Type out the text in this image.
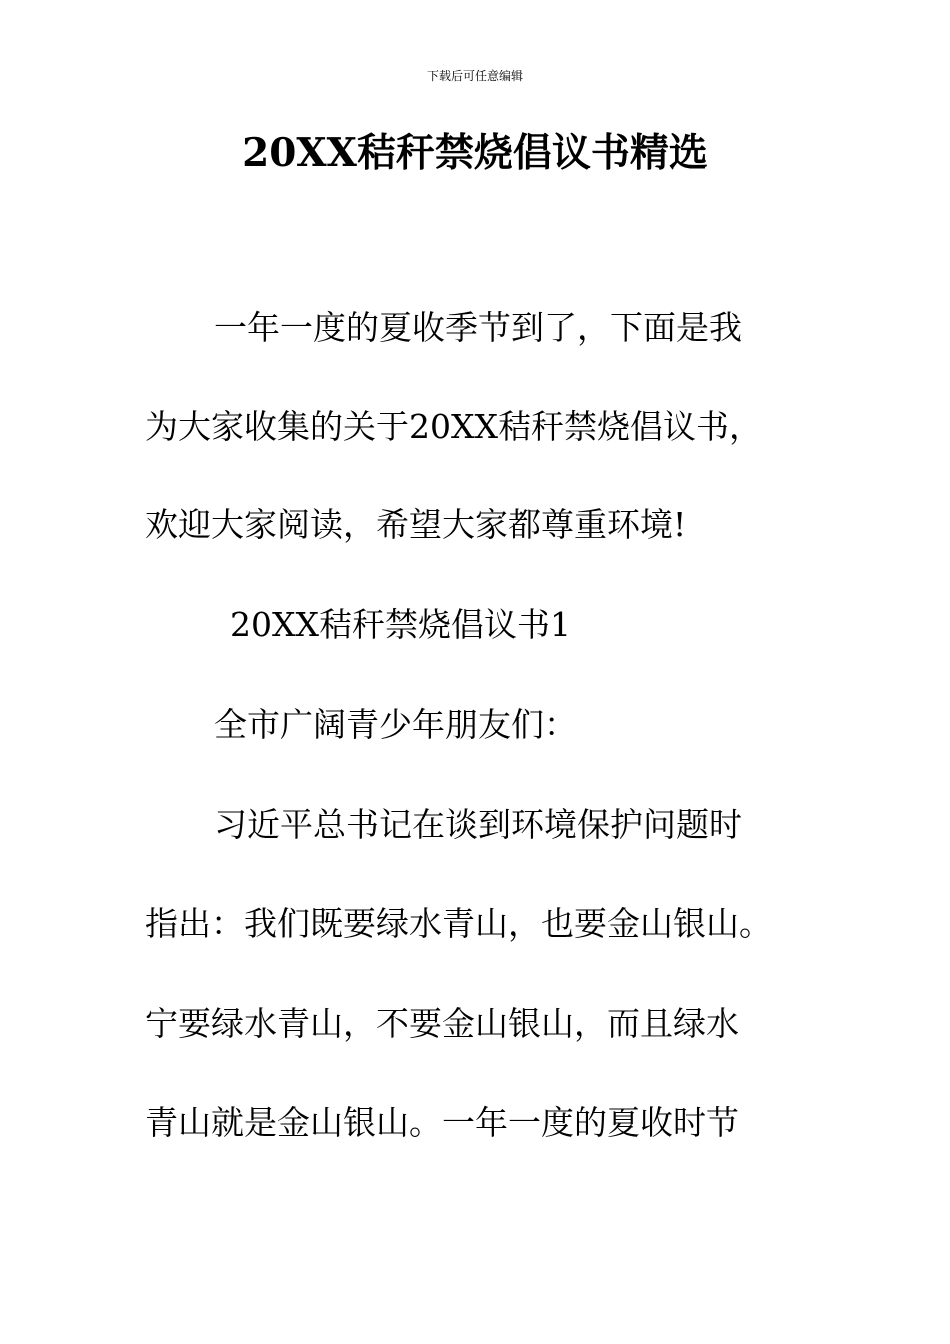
下载后可任意编辑
20XX秸秆禁烧倡议书精选

一年一度的夏收季节到了，下面是我

为大家收集的关于20XX秸秆禁烧倡议书，

欢迎大家阅读，希望大家都尊重环境!

20XX秸秆禁烧倡议书1

全市广阔青少年朋友们：

习近平总书记在谈到环境保护问题时

指出：我们既要绿水青山，也要金山银山。

宁要绿水青山，不要金山银山，而且绿水

青山就是金山银山。一年一度的夏收时节
